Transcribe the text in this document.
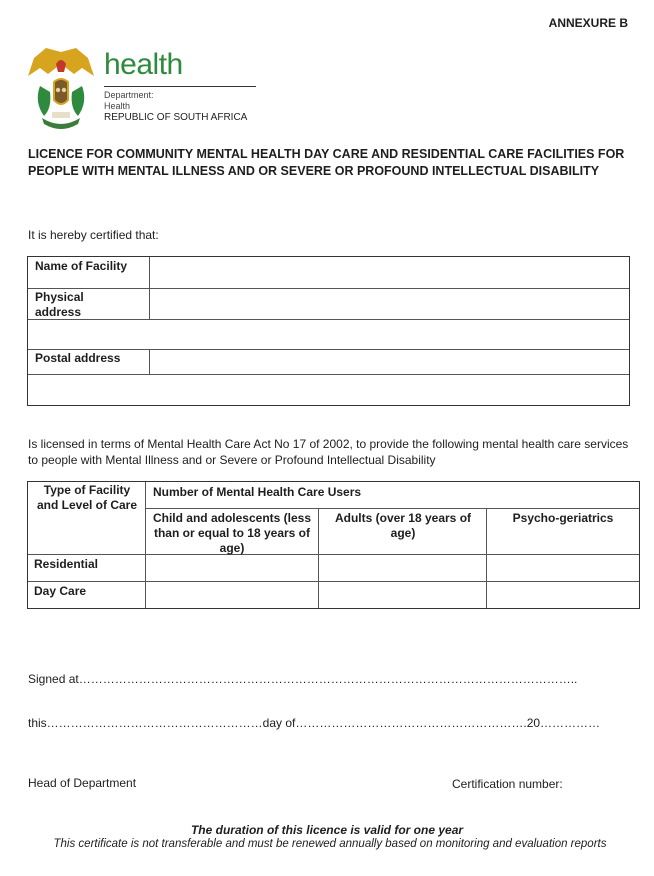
ANNEXURE B
health
Department:
Health
REPUBLIC OF SOUTH AFRICA
LICENCE FOR COMMUNITY MENTAL HEALTH DAY CARE AND RESIDENTIAL CARE FACILITIES FOR PEOPLE WITH MENTAL ILLNESS AND OR SEVERE OR PROFOUND INTELLECTUAL DISABILITY
It is hereby certified that:
Name of Facility
Physical address
Postal address
Is licensed in terms of Mental Health Care Act No 17 of 2002, to provide the following mental health care services to people with Mental Illness and or Severe or Profound Intellectual Disability
Type of Facility and Level of Care
Number of Mental Health Care Users
Child and adolescents (less than or equal to 18 years of age)
Adults (over 18 years of age)
Psycho-geriatrics
Residential
Day Care
Signed at……………………………………………………………………………………………………………..
this………………………………………………day of………………………………………………….20……………
Head of Department	Certification number:
The duration of this licence is valid for one year
This certificate is not transferable and must be renewed annually based on monitoring and evaluation reports
